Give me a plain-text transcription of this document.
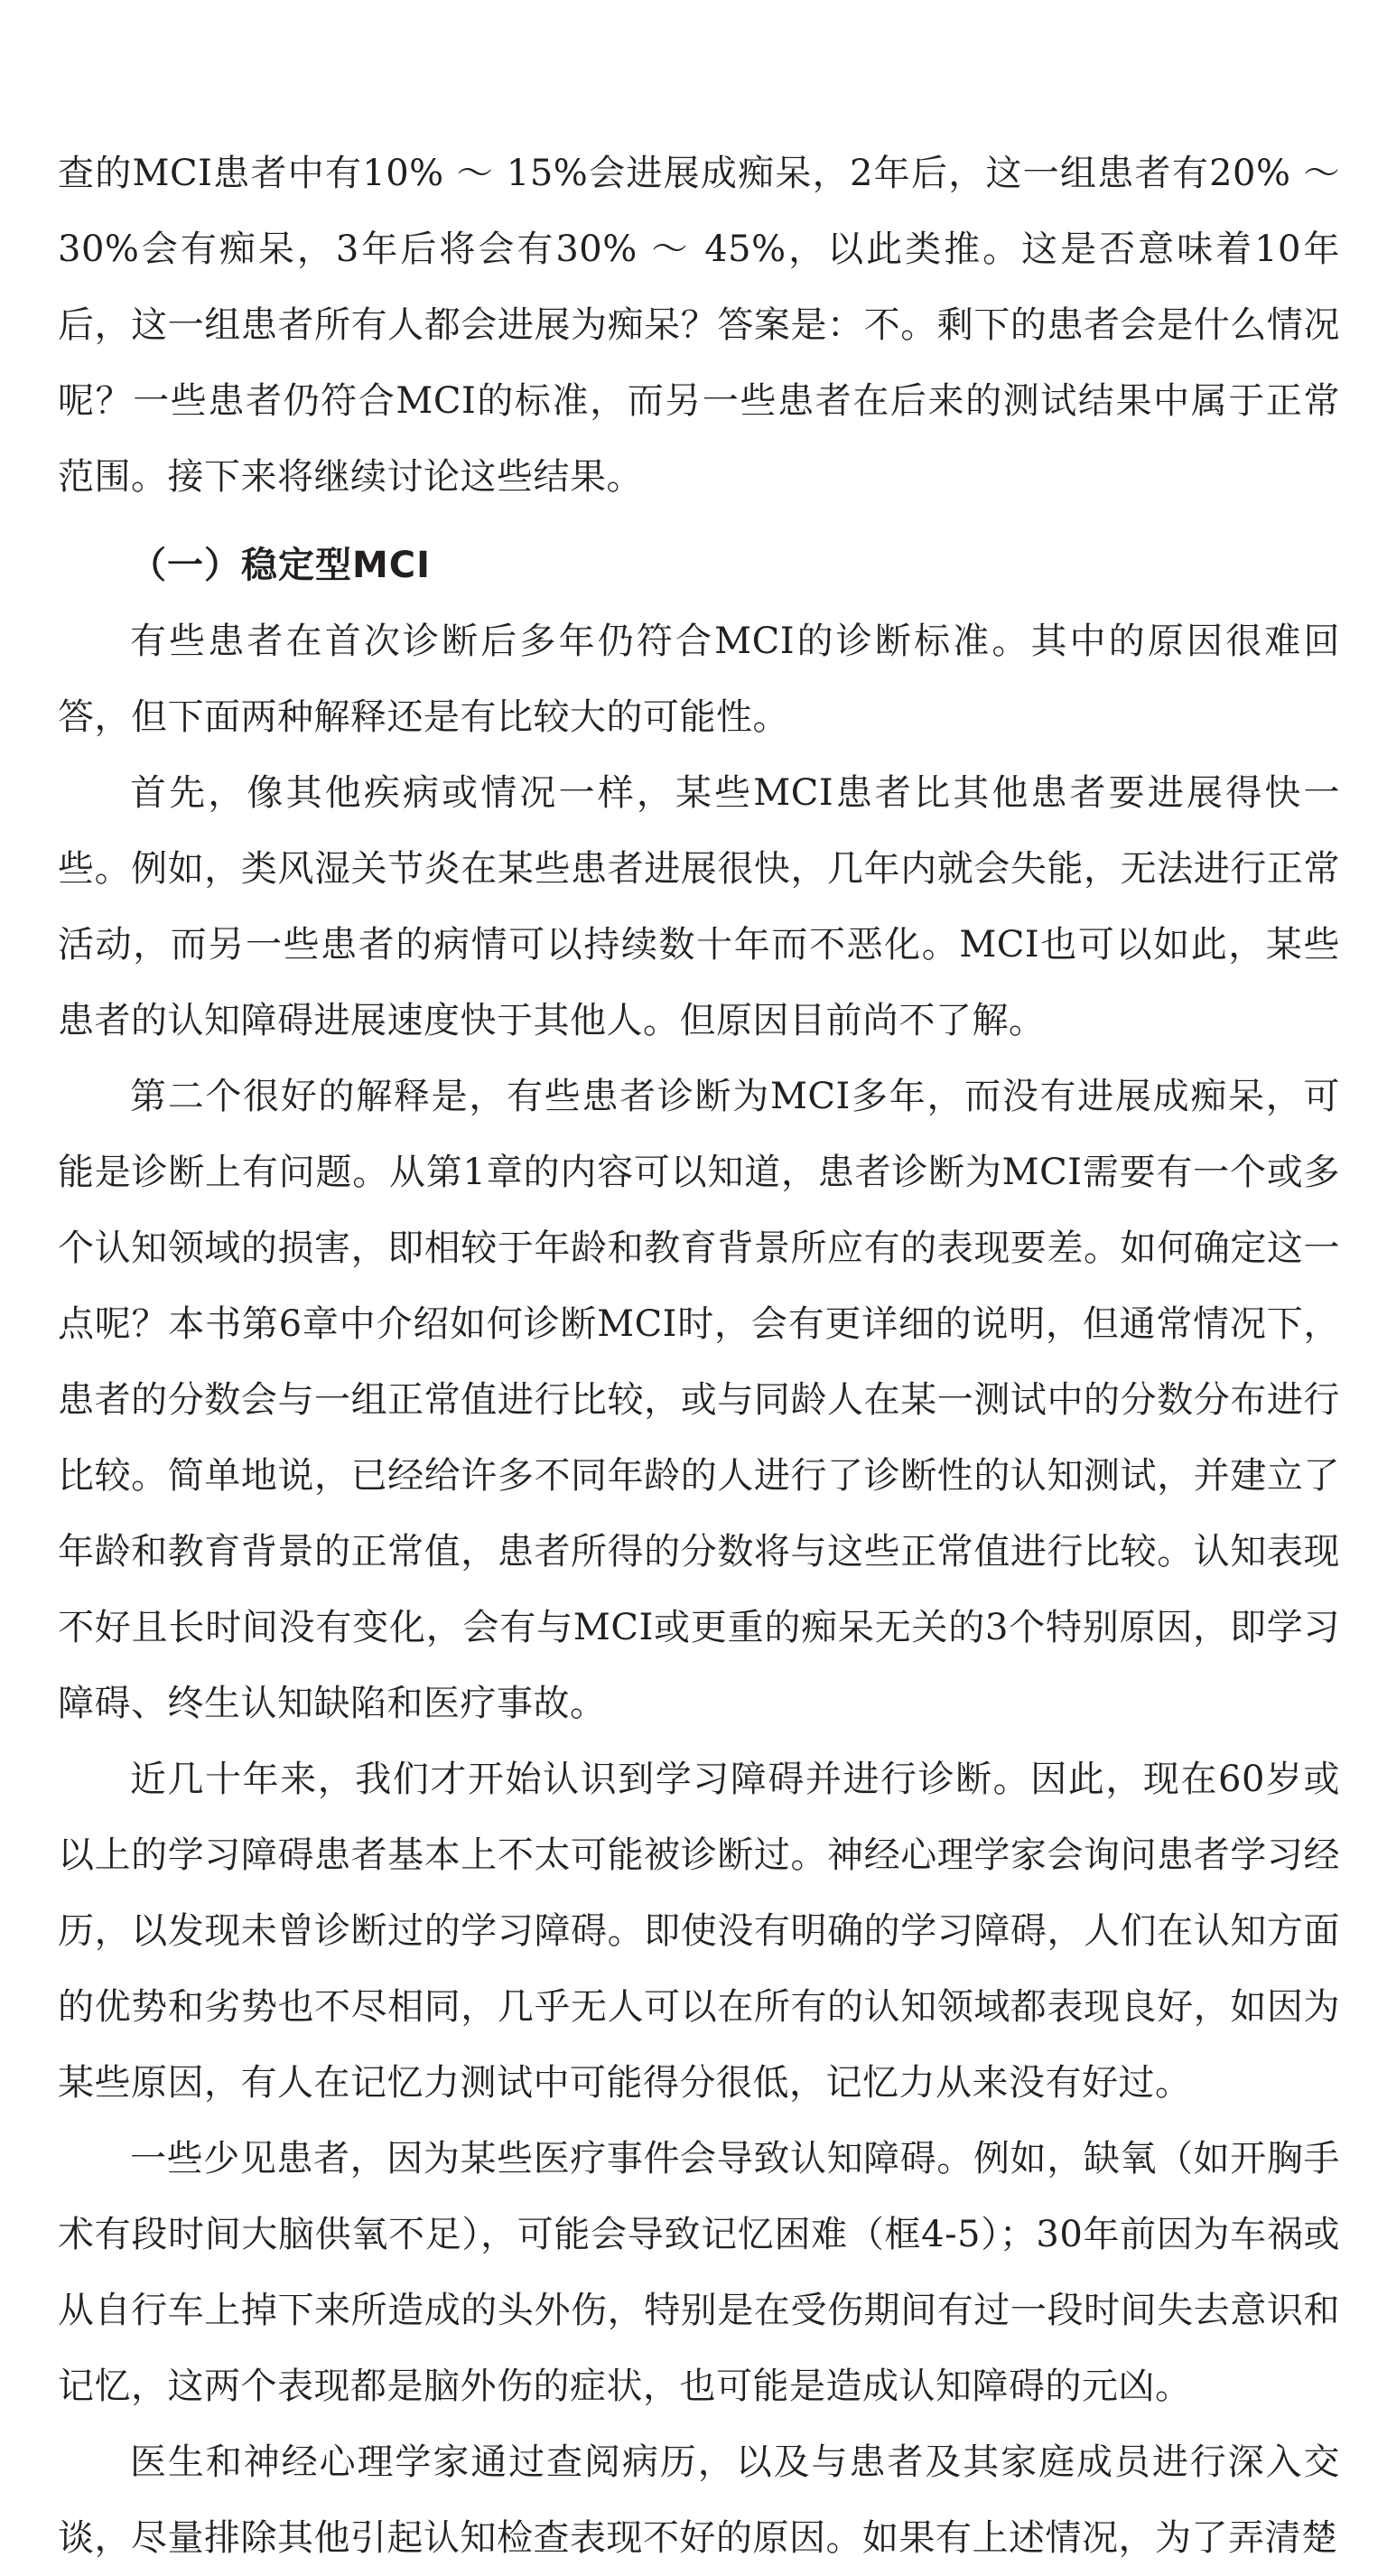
查的MCI患者中有10% ～ 15%会进展成痴呆，2年后，这一组患者有20% ～ 30%会有痴呆，3年后将会有30% ～ 45%，以此类推。这是否意味着10年后，这一组患者所有人都会进展为痴呆？答案是：不。剩下的患者会是什么情况呢？一些患者仍符合MCI的标准，而另一些患者在后来的测试结果中属于正常范围。接下来将继续讨论这些结果。

（一）稳定型MCI

有些患者在首次诊断后多年仍符合MCI的诊断标准。其中的原因很难回答，但下面两种解释还是有比较大的可能性。

首先，像其他疾病或情况一样，某些MCI患者比其他患者要进展得快一些。例如，类风湿关节炎在某些患者进展很快，几年内就会失能，无法进行正常活动，而另一些患者的病情可以持续数十年而不恶化。MCI也可以如此，某些患者的认知障碍进展速度快于其他人。但原因目前尚不了解。

第二个很好的解释是，有些患者诊断为MCI多年，而没有进展成痴呆，可能是诊断上有问题。从第1章的内容可以知道，患者诊断为MCI需要有一个或多个认知领域的损害，即相较于年龄和教育背景所应有的表现要差。如何确定这一点呢？本书第6章中介绍如何诊断MCI时，会有更详细的说明，但通常情况下，患者的分数会与一组正常值进行比较，或与同龄人在某一测试中的分数分布进行比较。简单地说，已经给许多不同年龄的人进行了诊断性的认知测试，并建立了年龄和教育背景的正常值，患者所得的分数将与这些正常值进行比较。认知表现不好且长时间没有变化，会有与MCI或更重的痴呆无关的3个特别原因，即学习障碍、终生认知缺陷和医疗事故。

近几十年来，我们才开始认识到学习障碍并进行诊断。因此，现在60岁或以上的学习障碍患者基本上不太可能被诊断过。神经心理学家会询问患者学习经历，以发现未曾诊断过的学习障碍。即使没有明确的学习障碍，人们在认知方面的优势和劣势也不尽相同，几乎无人可以在所有的认知领域都表现良好，如因为某些原因，有人在记忆力测试中可能得分很低，记忆力从来没有好过。

一些少见患者，因为某些医疗事件会导致认知障碍。例如，缺氧（如开胸手术有段时间大脑供氧不足），可能会导致记忆困难（框4-5）；30年前因为车祸或从自行车上掉下来所造成的头外伤，特别是在受伤期间有过一段时间失去意识和记忆，这两个表现都是脑外伤的症状，也可能是造成认知障碍的元凶。

医生和神经心理学家通过查阅病历，以及与患者及其家庭成员进行深入交谈，尽量排除其他引起认知检查表现不好的原因。如果有上述情况，为了弄清楚
